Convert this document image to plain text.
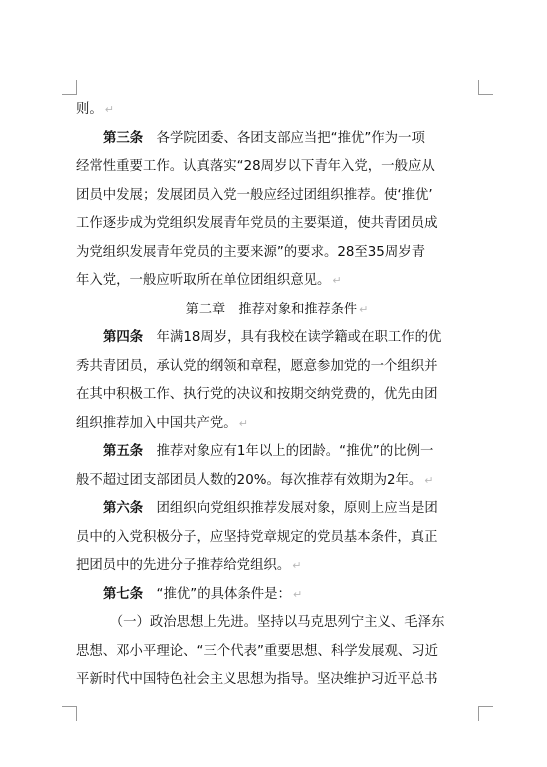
则。 ↵
第三条　各学院团委、各团支部应当把“推优”作为一项
经常性重要工作。认真落实“28周岁以下青年入党，一般应从
团员中发展；发展团员入党一般应经过团组织推荐。使‘推优’
工作逐步成为党组织发展青年党员的主要渠道，使共青团员成
为党组织发展青年党员的主要来源”的要求。28至35周岁青
年入党，一般应听取所在单位团组织意见。 ↵
第二章　推荐对象和推荐条件 ↵
第四条　年满18周岁，具有我校在读学籍或在职工作的优
秀共青团员，承认党的纲领和章程，愿意参加党的一个组织并
在其中积极工作、执行党的决议和按期交纳党费的，优先由团
组织推荐加入中国共产党。 ↵
第五条　推荐对象应有1年以上的团龄。“推优”的比例一
般不超过团支部团员人数的20%。每次推荐有效期为2年。 ↵
第六条　团组织向党组织推荐发展对象，原则上应当是团
员中的入党积极分子，应坚持党章规定的党员基本条件，真正
把团员中的先进分子推荐给党组织。 ↵
第七条　“推优”的具体条件是： ↵
　（一）政治思想上先进。坚持以马克思列宁主义、毛泽东
思想、邓小平理论、“三个代表”重要思想、科学发展观、习近
平新时代中国特色社会主义思想为指导。坚决维护习近平总书
